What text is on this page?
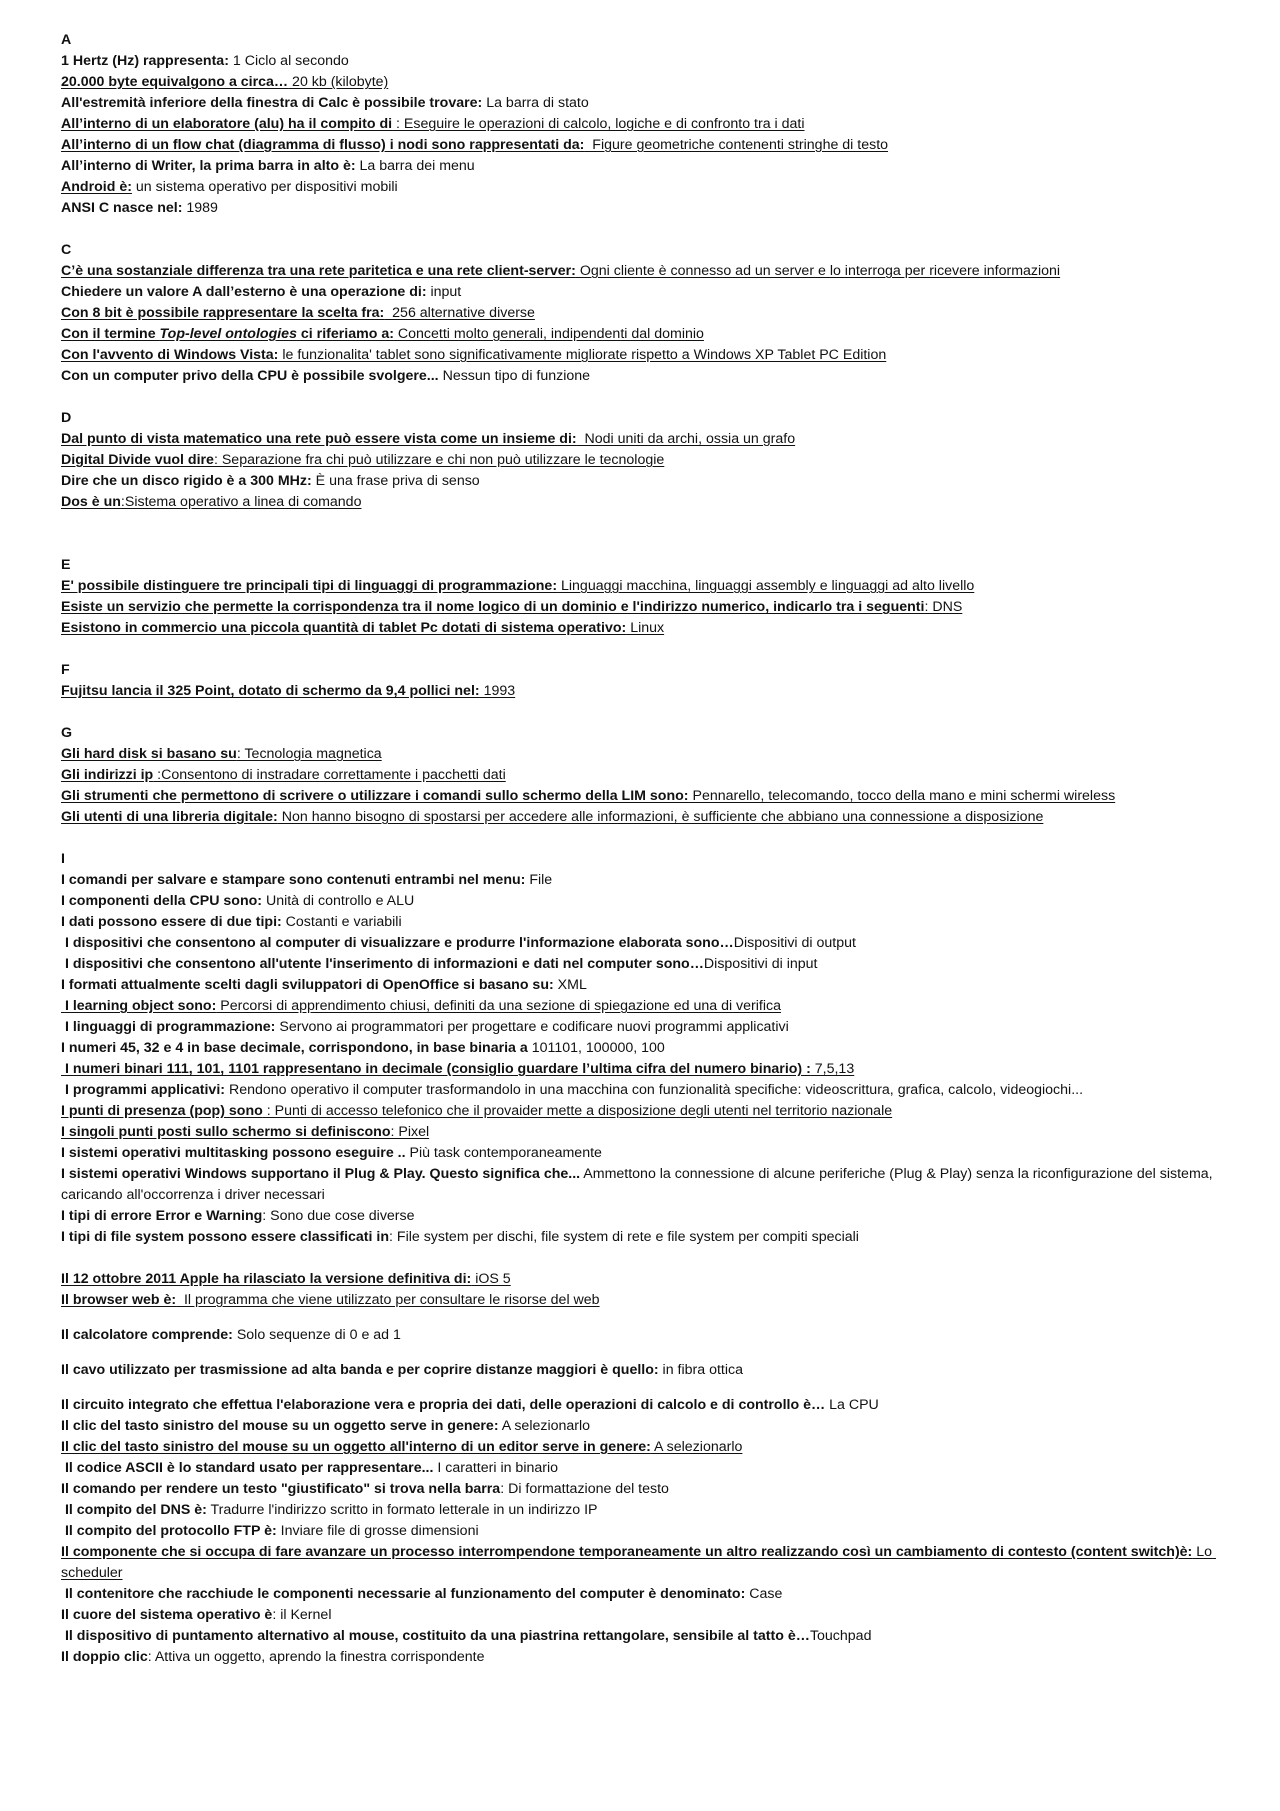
A
1 Hertz (Hz) rappresenta: 1 Ciclo al secondo
20.000 byte equivalgono a circa… 20 kb (kilobyte)
All'estremità inferiore della finestra di Calc è possibile trovare: La barra di stato
All’interno di un elaboratore (alu) ha il compito di : Eseguire le operazioni di calcolo, logiche e di confronto tra i dati
All’interno di un flow chat (diagramma di flusso) i nodi sono rappresentati da:  Figure geometriche contenenti stringhe di testo
All’interno di Writer, la prima barra in alto è: La barra dei menu
Android è: un sistema operativo per dispositivi mobili
ANSI C nasce nel: 1989
C
C’è una sostanziale differenza tra una rete paritetica e una rete client-server: Ogni cliente è connesso ad un server e lo interroga per ricevere informazioni
Chiedere un valore A dall’esterno è una operazione di: input
Con 8 bit è possibile rappresentare la scelta fra:  256 alternative diverse
Con il termine Top-level ontologies ci riferiamo a: Concetti molto generali, indipendenti dal dominio
Con l'avvento di Windows Vista: le funzionalita' tablet sono significativamente migliorate rispetto a Windows XP Tablet PC Edition
Con un computer privo della CPU è possibile svolgere... Nessun tipo di funzione
D
Dal punto di vista matematico una rete può essere vista come un insieme di:  Nodi uniti da archi, ossia un grafo
Digital Divide vuol dire: Separazione fra chi può utilizzare e chi non può utilizzare le tecnologie
Dire che un disco rigido è a 300 MHz: È una frase priva di senso
Dos è un:Sistema operativo a linea di comando
E
E' possibile distinguere tre principali tipi di linguaggi di programmazione: Linguaggi macchina, linguaggi assembly e linguaggi ad alto livello
Esiste un servizio che permette la corrispondenza tra il nome logico di un dominio e l'indirizzo numerico, indicarlo tra i seguenti: DNS
Esistono in commercio una piccola quantità di tablet Pc dotati di sistema operativo: Linux
F
Fujitsu lancia il 325 Point, dotato di schermo da 9,4 pollici nel: 1993
G
Gli hard disk si basano su: Tecnologia magnetica
Gli indirizzi ip :Consentono di instradare correttamente i pacchetti dati
Gli strumenti che permettono di scrivere o utilizzare i comandi sullo schermo della LIM sono: Pennarello, telecomando, tocco della mano e mini schermi wireless
Gli utenti di una libreria digitale: Non hanno bisogno di spostarsi per accedere alle informazioni, è sufficiente che abbiano una connessione a disposizione
I
I comandi per salvare e stampare sono contenuti entrambi nel menu: File
I componenti della CPU sono: Unità di controllo e ALU
I dati possono essere di due tipi: Costanti e variabili
I dispositivi che consentono al computer di visualizzare e produrre l'informazione elaborata sono…Dispositivi di output
I dispositivi che consentono all'utente l'inserimento di informazioni e dati nel computer sono…Dispositivi di input
I formati attualmente scelti dagli sviluppatori di OpenOffice si basano su: XML
I learning object sono: Percorsi di apprendimento chiusi, definiti da una sezione di spiegazione ed una di verifica
I linguaggi di programmazione: Servono ai programmatori per progettare e codificare nuovi programmi applicativi
I numeri 45, 32 e 4 in base decimale, corrispondono, in base binaria a 101101, 100000, 100
I numeri binari 111, 101, 1101 rappresentano in decimale (consiglio guardare l’ultima cifra del numero binario) : 7,5,13
I programmi applicativi: Rendono operativo il computer trasformandolo in una macchina con funzionalità specifiche: videoscrittura, grafica, calcolo, videogiochi...
I punti di presenza (pop) sono : Punti di accesso telefonico che il provaider mette a disposizione degli utenti nel territorio nazionale
I singoli punti posti sullo schermo si definiscono: Pixel
I sistemi operativi multitasking possono eseguire .. Più task contemporaneamente
I sistemi operativi Windows supportano il Plug & Play. Questo significa che... Ammettono la connessione di alcune periferiche (Plug & Play) senza la riconfigurazione del sistema, caricando all'occorrenza i driver necessari
I tipi di errore Error e Warning: Sono due cose diverse
I tipi di file system possono essere classificati in: File system per dischi, file system di rete e file system per compiti speciali
Il 12 ottobre 2011 Apple ha rilasciato la versione definitiva di: iOS 5
Il browser web è:  Il programma che viene utilizzato per consultare le risorse del web
Il calcolatore comprende: Solo sequenze di 0 e ad 1
Il cavo utilizzato per trasmissione ad alta banda e per coprire distanze maggiori è quello: in fibra ottica
Il circuito integrato che effettua l'elaborazione vera e propria dei dati, delle operazioni di calcolo e di controllo è… La CPU
Il clic del tasto sinistro del mouse su un oggetto serve in genere: A selezionarlo
Il clic del tasto sinistro del mouse su un oggetto all'interno di un editor serve in genere: A selezionarlo
Il codice ASCII è lo standard usato per rappresentare... I caratteri in binario
Il comando per rendere un testo "giustificato" si trova nella barra: Di formattazione del testo
Il compito del DNS è: Tradurre l'indirizzo scritto in formato letterale in un indirizzo IP
Il compito del protocollo FTP è: Inviare file di grosse dimensioni
Il componente che si occupa di fare avanzare un processo interrompendone temporaneamente un altro realizzando così un cambiamento di contesto (content switch)è: Lo scheduler
Il contenitore che racchiude le componenti necessarie al funzionamento del computer è denominato: Case
Il cuore del sistema operativo è: il Kernel
Il dispositivo di puntamento alternativo al mouse, costituito da una piastrina rettangolare, sensibile al tatto è…Touchpad
Il doppio clic: Attiva un oggetto, aprendo la finestra corrispondente
